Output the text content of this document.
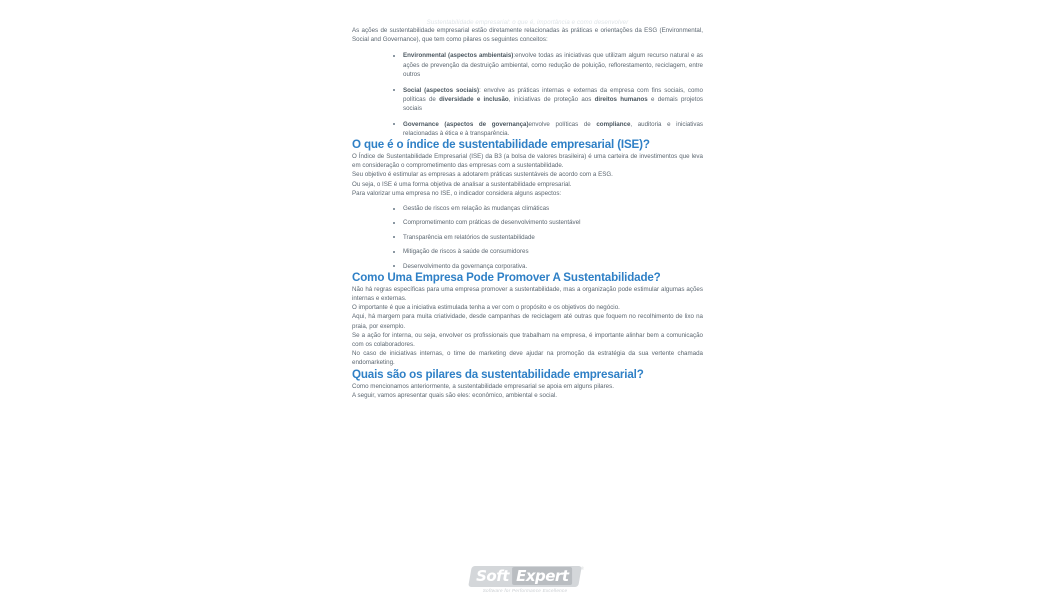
Sustentabilidade empresarial: o que é, importância e como desenvolver

As ações de sustentabilidade empresarial estão diretamente relacionadas às práticas e orientações da ESG (Environmental, Social and Governance), que tem como pilares os seguintes conceitos:

Environmental (aspectos ambientais):envolve todas as iniciativas que utilizam algum recurso natural e as ações de prevenção da destruição ambiental, como redução de poluição, reflorestamento, reciclagem, entre outros
Social (aspectos sociais): envolve as práticas internas e externas da empresa com fins sociais, como políticas de diversidade e inclusão, iniciativas de proteção aos direitos humanos e demais projetos sociais
Governance (aspectos de governança)envolve políticas de compliance, auditoria e iniciativas relacionadas à ética e à transparência.
O que é o índice de sustentabilidade empresarial (ISE)?

O Índice de Sustentabilidade Empresarial (ISE) da B3 (a bolsa de valores brasileira) é uma carteira de investimentos que leva em consideração o comprometimento das empresas com a sustentabilidade.

Seu objetivo é estimular as empresas a adotarem práticas sustentáveis de acordo com a ESG.

Ou seja, o ISE é uma forma objetiva de analisar a sustentabilidade empresarial.

Para valorizar uma empresa no ISE, o indicador considera alguns aspectos:

Gestão de riscos em relação às mudanças climáticas
Comprometimento com práticas de desenvolvimento sustentável
Transparência em relatórios de sustentabilidade
Mitigação de riscos à saúde de consumidores
Desenvolvimento da governança corporativa.
Como Uma Empresa Pode Promover A Sustentabilidade?

Não há regras específicas para uma empresa promover a sustentabilidade, mas a organização pode estimular algumas ações internas e externas.

O importante é que a iniciativa estimulada tenha a ver com o propósito e os objetivos do negócio.

Aqui, há margem para muita criatividade, desde campanhas de reciclagem até outras que foquem no recolhimento de lixo na praia, por exemplo.

Se a ação for interna, ou seja, envolver os profissionais que trabalham na empresa, é importante alinhar bem a comunicação com os colaboradores.

No caso de iniciativas internas, o time de marketing deve ajudar na promoção da estratégia da sua vertente chamada endomarketing.

Quais são os pilares da sustentabilidade empresarial?

Como mencionamos anteriormente, a sustentabilidade empresarial se apoia em alguns pilares.

A seguir, vamos apresentar quais são eles: econômico, ambiental e social.

Soft Expert	®
Software for Performance Excellence
